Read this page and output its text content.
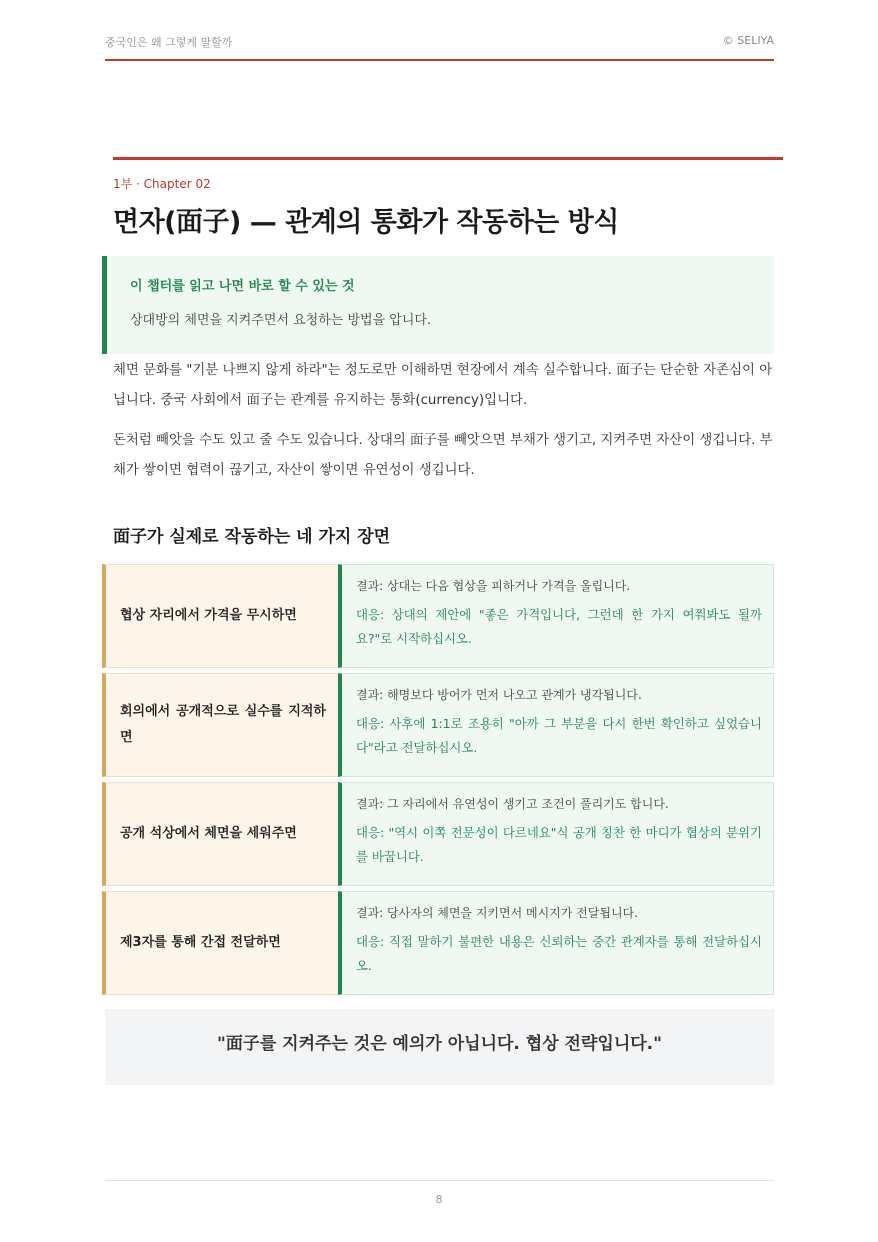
중국인은 왜 그렇게 말할까	© SELIYA
1부 · Chapter 02
면자(面子) — 관계의 통화가 작동하는 방식
이 챕터를 읽고 나면 바로 할 수 있는 것
상대방의 체면을 지켜주면서 요청하는 방법을 압니다.
체면 문화를 "기분 나쁘지 않게 하라"는 정도로만 이해하면 현장에서 계속 실수합니다. 面子는 단순한 자존심이 아닙니다. 중국 사회에서 面子는 관계를 유지하는 통화(currency)입니다.
돈처럼 빼앗을 수도 있고 줄 수도 있습니다. 상대의 面子를 빼앗으면 부채가 생기고, 지켜주면 자산이 생깁니다. 부채가 쌓이면 협력이 끊기고, 자산이 쌓이면 유연성이 생깁니다.
面子가 실제로 작동하는 네 가지 장면
협상 자리에서 가격을 무시하면
결과: 상대는 다음 협상을 피하거나 가격을 올립니다.
대응: 상대의 제안에 "좋은 가격입니다, 그런데 한 가지 여쭤봐도 될까요?"로 시작하십시오.
회의에서 공개적으로 실수를 지적하면
결과: 해명보다 방어가 먼저 나오고 관계가 냉각됩니다.
대응: 사후에 1:1로 조용히 "아까 그 부분을 다시 한번 확인하고 싶었습니다"라고 전달하십시오.
공개 석상에서 체면을 세워주면
결과: 그 자리에서 유연성이 생기고 조건이 풀리기도 합니다.
대응: "역시 이쪽 전문성이 다르네요"식 공개 칭찬 한 마디가 협상의 분위기를 바꿉니다.
제3자를 통해 간접 전달하면
결과: 당사자의 체면을 지키면서 메시지가 전달됩니다.
대응: 직접 말하기 불편한 내용은 신뢰하는 중간 관계자를 통해 전달하십시오.
"面子를 지켜주는 것은 예의가 아닙니다. 협상 전략입니다."
8
